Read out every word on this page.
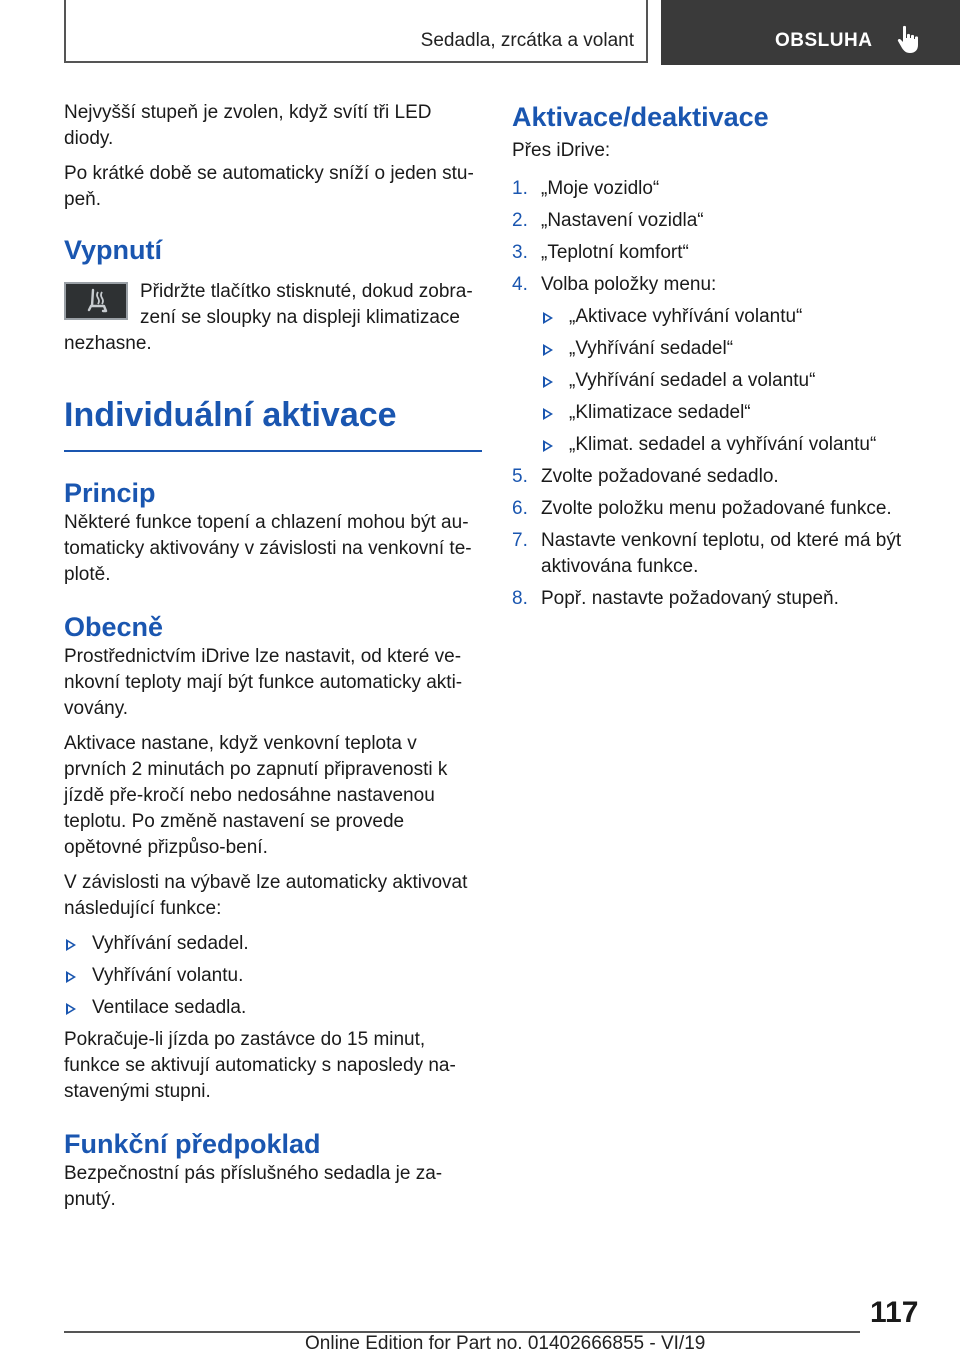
Sedadla, zrcátka a volant	OBSLUHA

Nejvyšší stupeň je zvolen, když svítí tři LED diody.

Po krátké době se automaticky sníží o jeden stu-peň.

Vypnutí

Přidržte tlačítko stisknuté, dokud zobra-zení se sloupky na displeji klimatizace nezhasne.

Individuální aktivace
Princip

Některé funkce topení a chlazení mohou být au-tomaticky aktivovány v závislosti na venkovní te-plotě.

Obecně

Prostřednictvím iDrive lze nastavit, od které ve-nkovní teploty mají být funkce automaticky akti-vovány.

Aktivace nastane, když venkovní teplota v prvních 2 minutách po zapnutí připravenosti k jízdě pře-kročí nebo nedosáhne nastavenou teplotu. Po změně nastavení se provede opětovné přizpůso-bení.

V závislosti na výbavě lze automaticky aktivovat následující funkce:

Vyhřívání sedadel.
Vyhřívání volantu.
Ventilace sedadla.

Pokračuje-li jízda po zastávce do 15 minut, funkce se aktivují automaticky s naposledy na-stavenými stupni.

Funkční předpoklad

Bezpečnostní pás příslušného sedadla je za-pnutý.

Aktivace/deaktivace

Přes iDrive:

1. „Moje vozidlo“
2. „Nastavení vozidla“
3. „Teplotní komfort“
4. Volba položky menu:
„Aktivace vyhřívání volantu“
„Vyhřívání sedadel“
„Vyhřívání sedadel a volantu“
„Klimatizace sedadel“
„Klimat. sedadel a vyhřívání volantu“
5. Zvolte požadované sedadlo.
6. Zvolte položku menu požadované funkce.
7. Nastavte venkovní teplotu, od které má být aktivována funkce.
8. Popř. nastavte požadovaný stupeň.
117
Online Edition for Part no. 01402666855 - VI/19
